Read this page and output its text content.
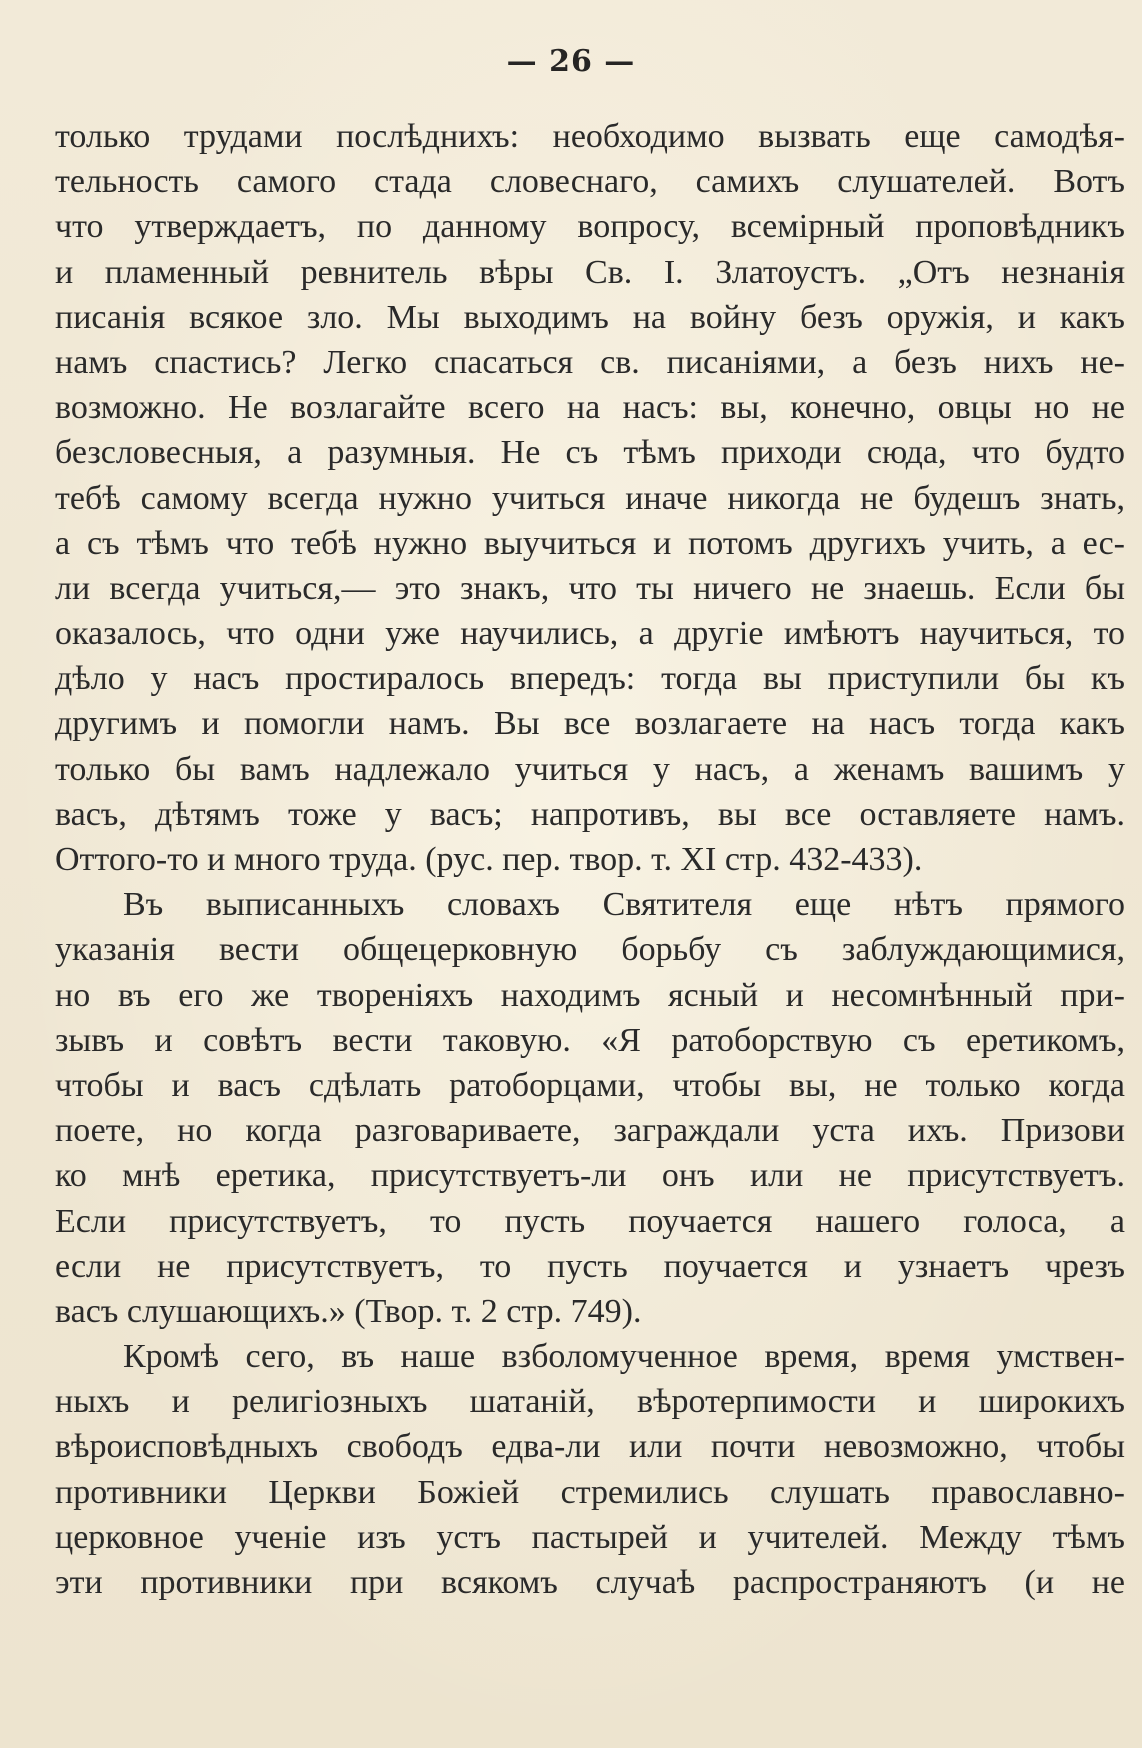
— 26 —
только трудами послѣднихъ: необходимо вызвать еще самодѣя-
тельность самого стада словеснаго, самихъ слушателей. Вотъ
что утверждаетъ, по данному вопросу, всемiрный проповѣдникъ
и пламенный ревнитель вѣры Св. I. Златоустъ. „Отъ незнанiя
писанiя всякое зло. Мы выходимъ на войну безъ оружiя, и какъ
намъ спастись? Легко спасаться св. писанiями, а безъ нихъ не-
возможно. Не возлагайте всего на насъ: вы, конечно, овцы но не
безсловесныя, а разумныя. Не съ тѣмъ приходи сюда, что будто
тебѣ самому всегда нужно учиться иначе никогда не будешъ знать,
а съ тѣмъ что тебѣ нужно выучиться и потомъ другихъ учить, а ес-
ли всегда учиться,— это знакъ, что ты ничего не знаешь. Если бы
оказалось, что одни уже научились, а другiе имѣютъ научиться, то
дѣло у насъ простиралось впередъ: тогда вы приступили бы къ
другимъ и помогли намъ. Вы все возлагаете на насъ тогда какъ
только бы вамъ надлежало учиться у насъ, а женамъ вашимъ у
васъ, дѣтямъ тоже у васъ; напротивъ, вы все оставляете намъ.
Оттого-то и много труда. (рус. пер. твор. т. XI стр. 432-433).
Въ выписанныхъ словахъ Святителя еще нѣтъ прямого
указанiя вести общецерковную борьбу съ заблуждающимися,
но въ его же творенiяхъ находимъ ясный и несомнѣнный при-
зывъ и совѣтъ вести таковую. «Я ратоборствую съ еретикомъ,
чтобы и васъ сдѣлать ратоборцами, чтобы вы, не только когда
поете, но когда разговариваете, заграждали уста ихъ. Призови
ко мнѣ еретика, присутствуетъ-ли онъ или не присутствуетъ.
Если присутствуетъ, то пусть поучается нашего голоса, а
если не присутствуетъ, то пусть поучается и узнаетъ чрезъ
васъ слушающихъ.» (Твор. т. 2 стр. 749).
Кромѣ сего, въ наше взболомученное время, время умствен-
ныхъ и религiозныхъ шатанiй, вѣротерпимости и широкихъ
вѣроисповѣдныхъ свободъ едва-ли или почти невозможно, чтобы
противники Церкви Божiей стремились слушать православно-
церковное ученiе изъ устъ пастырей и учителей. Между тѣмъ
эти противники при всякомъ случаѣ распространяютъ (и не
